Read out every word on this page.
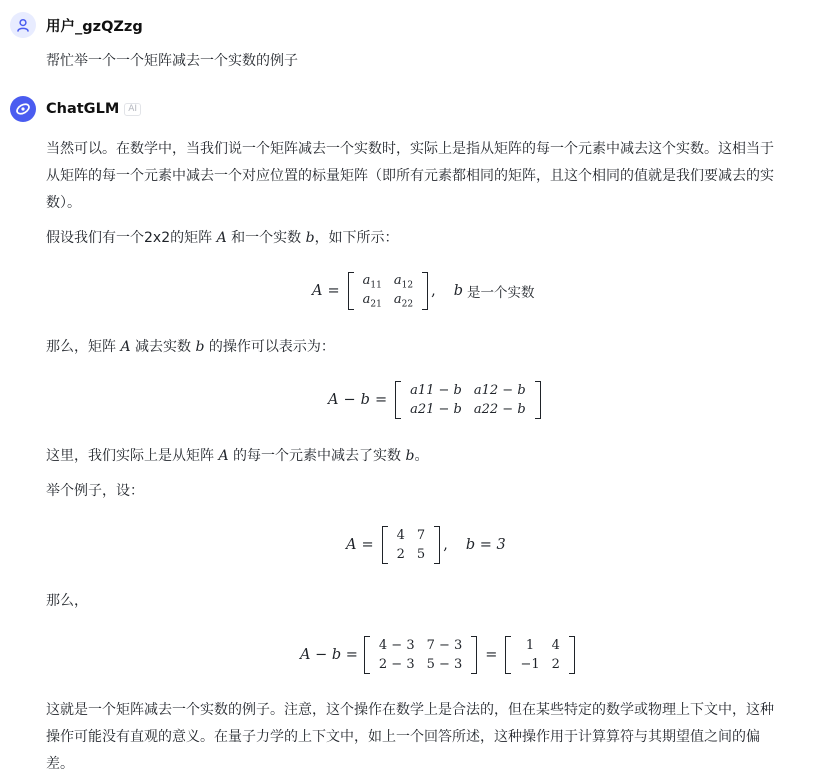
用户_gzQZzg
帮忙举一个一个矩阵减去一个实数的例子
ChatGLM	AI
当然可以。在数学中，当我们说一个矩阵减去一个实数时，实际上是指从矩阵的每一个元素中减去这个实数。这相当于从矩阵的每一个元素中减去一个对应位置的标量矩阵（即所有元素都相同的矩阵，且这个相同的值就是我们要减去的实数）。
假设我们有一个2x2的矩阵 A 和一个实数 b，如下所示：
A =
$a_{11}$ $a_{12}$
$a_{21}$ $a_{22}$
, b 是一个实数
那么，矩阵 A 减去实数 b 的操作可以表示为：
A − b =
a11 − b a12 − b
a21 − b a22 − b
这里，我们实际上是从矩阵 A 的每一个元素中减去了实数 b。
举个例子，设：
A =
4 7
2 5
, b = 3
那么，
A − b =
4 − 3 7 − 3
2 − 3 5 − 3
=
1	4
−1 2
这就是一个矩阵减去一个实数的例子。注意，这个操作在数学上是合法的，但在某些特定的数学或物理上下文中，这种操作可能没有直观的意义。在量子力学的上下文中，如上一个回答所述，这种操作用于计算算符与其期望值之间的偏差。
